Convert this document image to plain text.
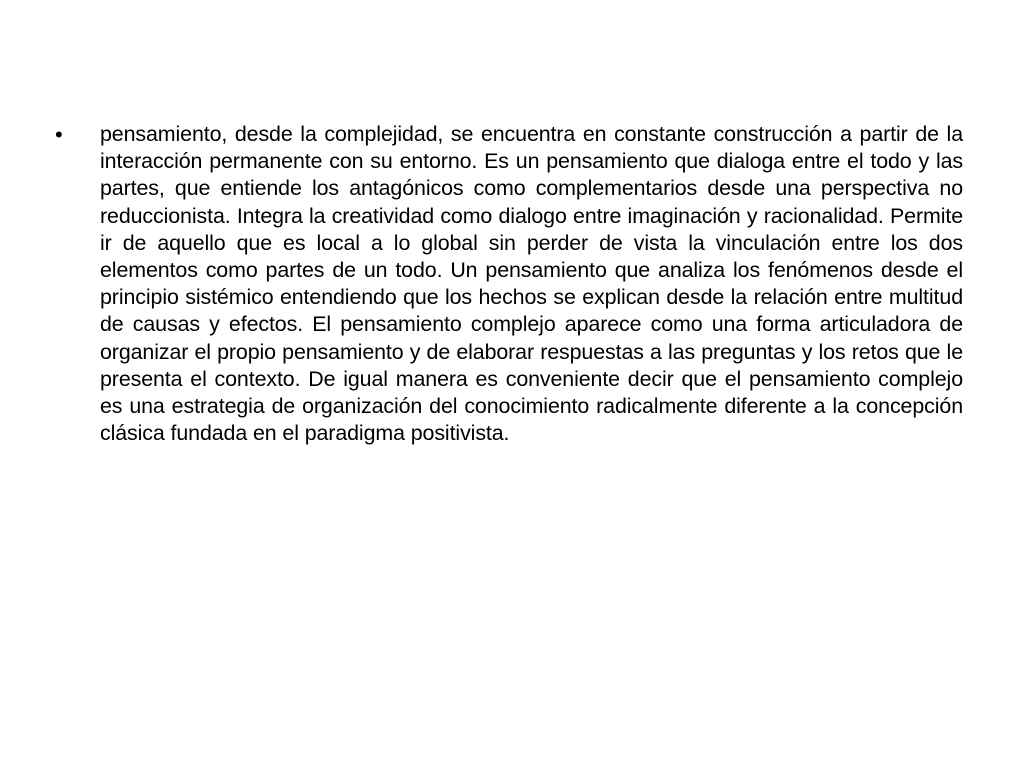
• pensamiento, desde la complejidad, se encuentra en constante construcción a partir de la interacción permanente con su entorno. Es un pensamiento que dialoga entre el todo y las partes, que entiende los antagónicos como complementarios desde una perspectiva no reduccionista. Integra la creatividad como dialogo entre imaginación y racionalidad. Permite ir de aquello que es local a lo global sin perder de vista la vinculación entre los dos elementos como partes de un todo. Un pensamiento que analiza los fenómenos desde el principio sistémico entendiendo que los hechos se explican desde la relación entre multitud de causas y efectos. El pensamiento complejo aparece como una forma articuladora de organizar el propio pensamiento y de elaborar respuestas a las preguntas y los retos que le presenta el contexto. De igual manera es conveniente decir que el pensamiento complejo es una estrategia de organización del conocimiento radicalmente diferente a la concepción clásica fundada en el paradigma positivista.
